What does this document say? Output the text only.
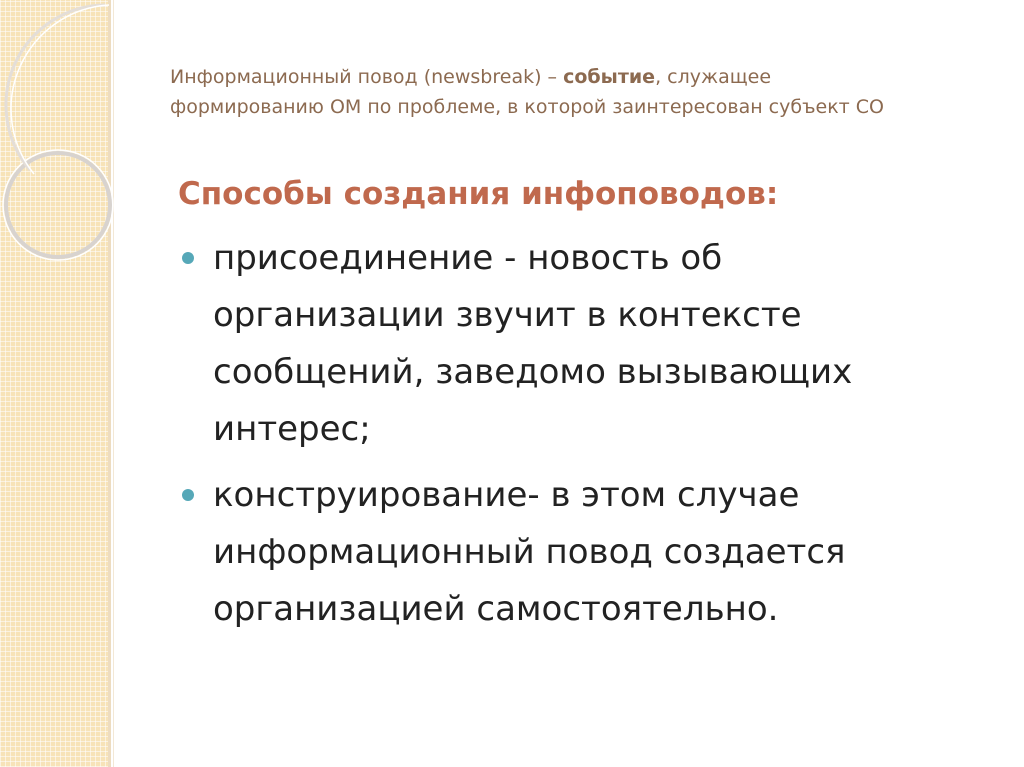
Информационный повод (newsbreak) – событие, служащее
формированию ОМ по проблеме, в которой заинтересован субъект СО
Способы создания инфоповодов:
присоединение - новость об
организации звучит в контексте
сообщений, заведомо вызывающих
интерес;
конструирование- в этом случае
информационный повод создается
организацией самостоятельно.
